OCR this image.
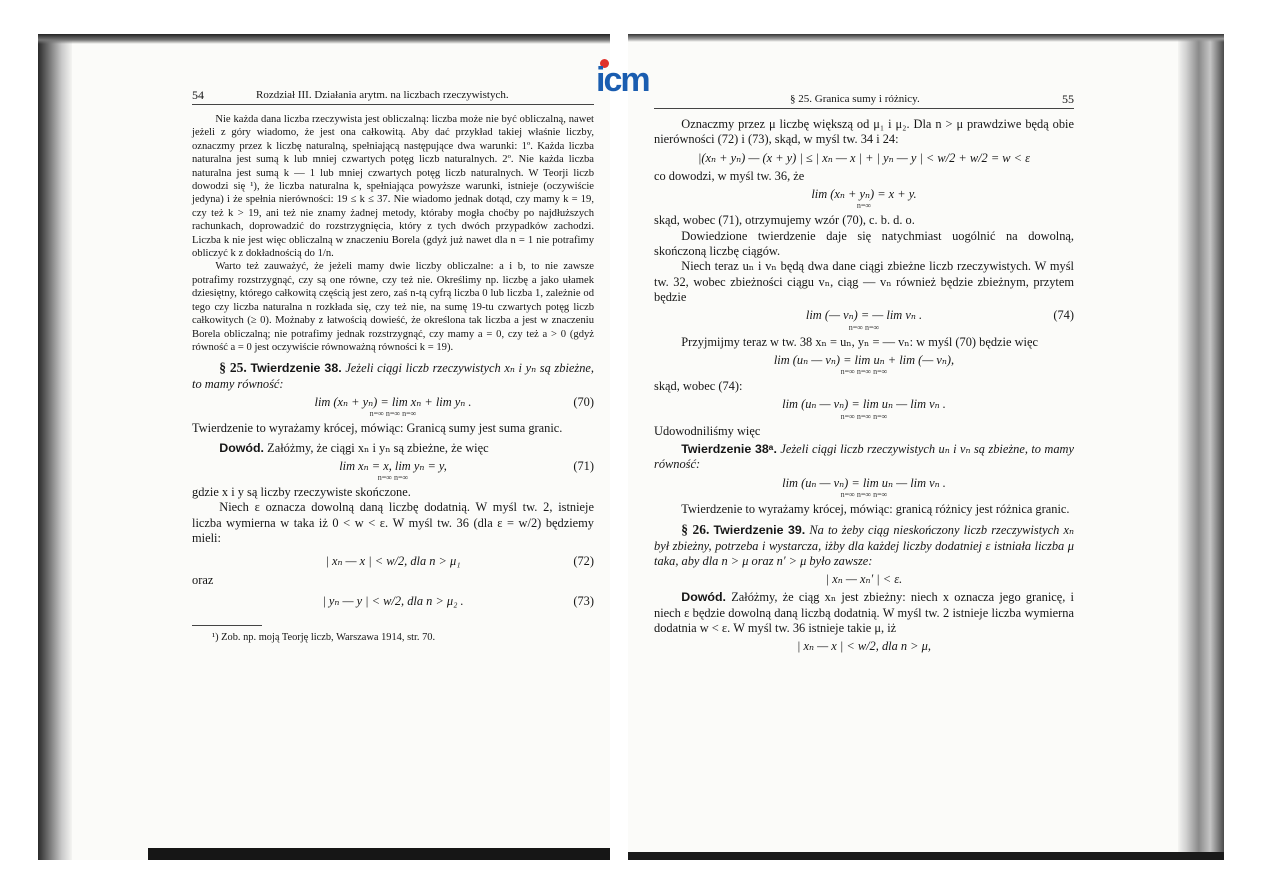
icm
54	Rozdział III. Działania arytm. na liczbach rzeczywistych.

Nie każda dana liczba rzeczywista jest obliczalną: liczba może nie być obliczalną, nawet jeżeli z góry wiadomo, że jest ona całkowitą. Aby dać przykład takiej właśnie liczby, oznaczmy przez k liczbę naturalną, spełniającą następujące dwa warunki: 1º. Każda liczba naturalna jest sumą k lub mniej czwartych potęg liczb naturalnych. 2º. Nie każda liczba naturalna jest sumą k — 1 lub mniej czwartych potęg liczb naturalnych. W Teorji liczb dowodzi się ¹), że liczba naturalna k, spełniająca powyższe warunki, istnieje (oczywiście jedyna) i że spełnia nierówności: 19 ≤ k ≤ 37. Nie wiadomo jednak dotąd, czy mamy k = 19, czy też k > 19, ani też nie znamy żadnej metody, któraby mogła choćby po najdłuższych rachunkach, doprowadzić do rozstrzygnięcia, który z tych dwóch przypadków zachodzi. Liczba k nie jest więc obliczalną w znaczeniu Borela (gdyż już nawet dla n = 1 nie potrafimy obliczyć k z dokładnością do 1/n.

Warto też zauważyć, że jeżeli mamy dwie liczby obliczalne: a i b, to nie zawsze potrafimy rozstrzygnąć, czy są one równe, czy też nie. Określimy np. liczbę a jako ułamek dziesiętny, którego całkowitą częścią jest zero, zaś n-tą cyfrą liczba 0 lub liczba 1, zależnie od tego czy liczba naturalna n rozkłada się, czy też nie, na sumę 19-tu czwartych potęg liczb całkowitych (≥ 0). Możnaby z łatwością dowieść, że określona tak liczba a jest w znaczeniu Borela obliczalną; nie potrafimy jednak rozstrzygnąć, czy mamy a = 0, czy też a > 0 (gdyż równość a = 0 jest oczywiście równoważną równości k = 19).

§ 25. Twierdzenie 38. Jeżeli ciągi liczb rzeczywistych xₙ i yₙ są zbieżne, to mamy równość:

lim (xₙ + yₙ) = lim xₙ + lim yₙ .
n=∞ n=∞ n=∞
(70)

Twierdzenie to wyrażamy krócej, mówiąc: Granicą sumy jest suma granic.

Dowód. Załóżmy, że ciągi xₙ i yₙ są zbieżne, że więc

lim xₙ = x, lim yₙ = y,
n=∞ n=∞
(71)

gdzie x i y są liczby rzeczywiste skończone.

Niech ε oznacza dowolną daną liczbę dodatnią. W myśl tw. 2, istnieje liczba wymierna w taka iż 0 < w < ε. W myśl tw. 36 (dla ε = w/2) będziemy mieli:

| xₙ — x | < w/2, dla n > μ₁	(72)

oraz

| yₙ — y | < w/2, dla n > μ₂ .	(73)

¹) Zob. np. moją Teorję liczb, Warszawa 1914, str. 70.

§ 25. Granica sumy i różnicy.	55

Oznaczmy przez μ liczbę większą od μ₁ i μ₂. Dla n > μ prawdziwe będą obie nierówności (72) i (73), skąd, w myśl tw. 34 i 24:

|(xₙ + yₙ) — (x + y) | ≤ | xₙ — x | + | yₙ — y | < w/2 + w/2 = w < ε

co dowodzi, w myśl tw. 36, że

lim (xₙ + yₙ) = x + y.
n=∞

skąd, wobec (71), otrzymujemy wzór (70), c. b. d. o.

Dowiedzione twierdzenie daje się natychmiast uogólnić na dowolną, skończoną liczbę ciągów.

Niech teraz uₙ i vₙ będą dwa dane ciągi zbieżne liczb rzeczywistych. W myśl tw. 32, wobec zbieżności ciągu vₙ, ciąg — vₙ również będzie zbieżnym, przytem będzie

lim (— vₙ) = — lim vₙ .
n=∞ n=∞
(74)

Przyjmijmy teraz w tw. 38 xₙ = uₙ, yₙ = — vₙ: w myśl (70) będzie więc

lim (uₙ — vₙ) = lim uₙ + lim (— vₙ),
n=∞ n=∞ n=∞

skąd, wobec (74):

lim (uₙ — vₙ) = lim uₙ — lim vₙ .
n=∞ n=∞ n=∞

Udowodniliśmy więc

Twierdzenie 38ᵃ. Jeżeli ciągi liczb rzeczywistych uₙ i vₙ są zbieżne, to mamy równość:

lim (uₙ — vₙ) = lim uₙ — lim vₙ .
n=∞ n=∞ n=∞

Twierdzenie to wyrażamy krócej, mówiąc: granicą różnicy jest różnica granic.

§ 26. Twierdzenie 39. Na to żeby ciąg nieskończony liczb rzeczywistych xₙ był zbieżny, potrzeba i wystarcza, iżby dla każdej liczby dodatniej ε istniała liczba μ taka, aby dla n > μ oraz n′ > μ było zawsze:

| xₙ — xₙ′ | < ε.

Dowód. Załóżmy, że ciąg xₙ jest zbieżny: niech x oznacza jego granicę, i niech ε będzie dowolną daną liczbą dodatnią. W myśl tw. 2 istnieje liczba wymierna dodatnia w < ε. W myśl tw. 36 istnieje takie μ, iż

| xₙ — x | < w/2, dla n > μ,
